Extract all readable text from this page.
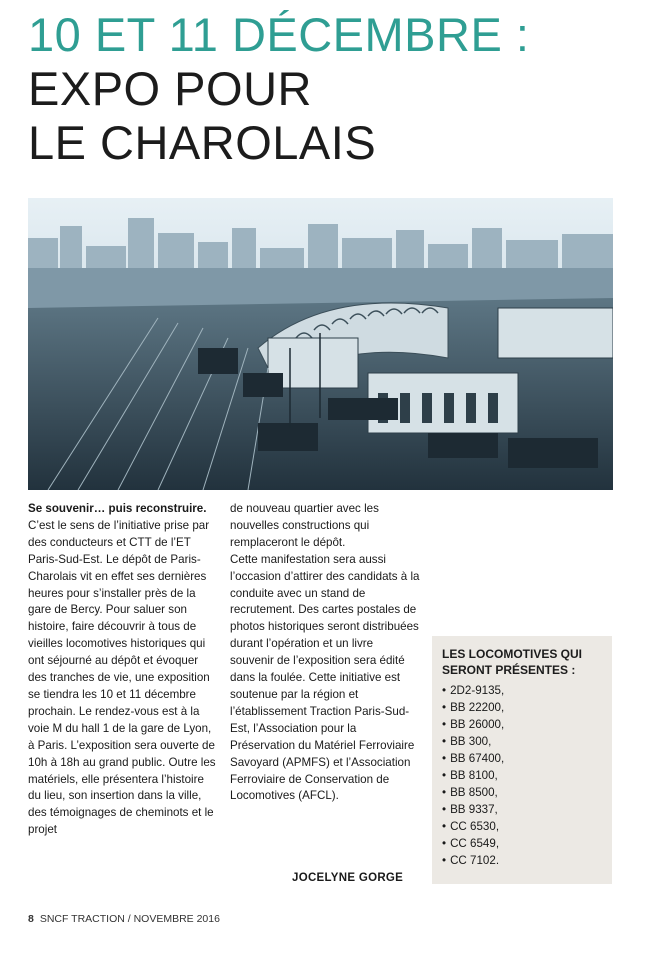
10 ET 11 DÉCEMBRE :
EXPO POUR
LE CHAROLAIS

Se souvenir… puis reconstruire. C’est le sens de l’initiative prise par des conducteurs et CTT de l’ET Paris-Sud-Est. Le dépôt de Paris-Charolais vit en effet ses dernières heures pour s’installer près de la gare de Bercy. Pour saluer son histoire, faire découvrir à tous de vieilles locomotives historiques qui ont séjourné au dépôt et évoquer des tranches de vie, une exposition se tiendra les 10 et 11 décembre prochain. Le rendez-vous est à la voie M du hall 1 de la gare de Lyon, à Paris. L’exposition sera ouverte de 10h à 18h au grand public. Outre les matériels, elle présentera l’histoire du lieu, son insertion dans la ville, des témoignages de cheminots et le projet

de nouveau quartier avec les nouvelles constructions qui remplaceront le dépôt.

Cette manifestation sera aussi l’occasion d’attirer des candidats à la conduite avec un stand de recrutement. Des cartes postales de photos historiques seront distribuées durant l’opération et un livre souvenir de l’exposition sera édité dans la foulée. Cette initiative est soutenue par la région et l’établissement Traction Paris-Sud-Est, l’Association pour la Préservation du Matériel Ferroviaire Savoyard (APMFS) et l’Association Ferroviaire de Conservation de Locomotives (AFCL).

JOCELYNE GORGE
LES LOCOMOTIVES QUI SERONT PRÉSENTES :
• 2D2-9135,
• BB 22200,
• BB 26000,
• BB 300,
• BB 67400,
• BB 8100,
• BB 8500,
• BB 9337,
• CC 6530,
• CC 6549,
• CC 7102.
8 SNCF TRACTION / NOVEMBRE 2016
